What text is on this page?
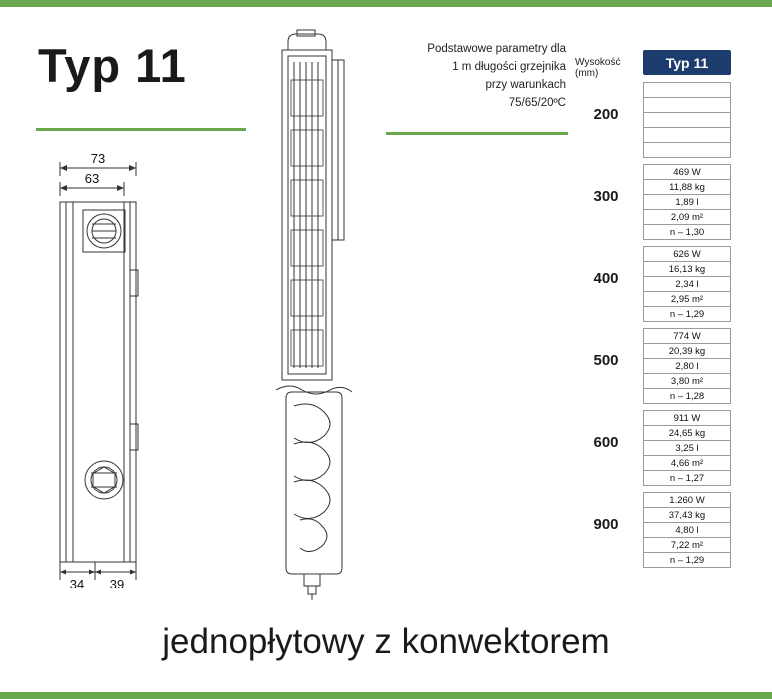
Typ 11	Podstawowe parametry dla
1 m długości grzejnika
przy warunkach
75/65/20ºC
73
63
34 39
Wysokość (mm)
Typ 11
200
300
469 W
11,88 kg
1,89 l
2,09 m²
n – 1,30
400
626 W
16,13 kg
2,34 l
2,95 m²
n – 1,29
500
774 W
20,39 kg
2,80 l
3,80 m²
n – 1,28
600
911 W
24,65 kg
3,25 l
4,66 m²
n – 1,27
900
1.260 W
37,43 kg
4,80 l
7,22 m²
n – 1,29
jednopłytowy z konwektorem
